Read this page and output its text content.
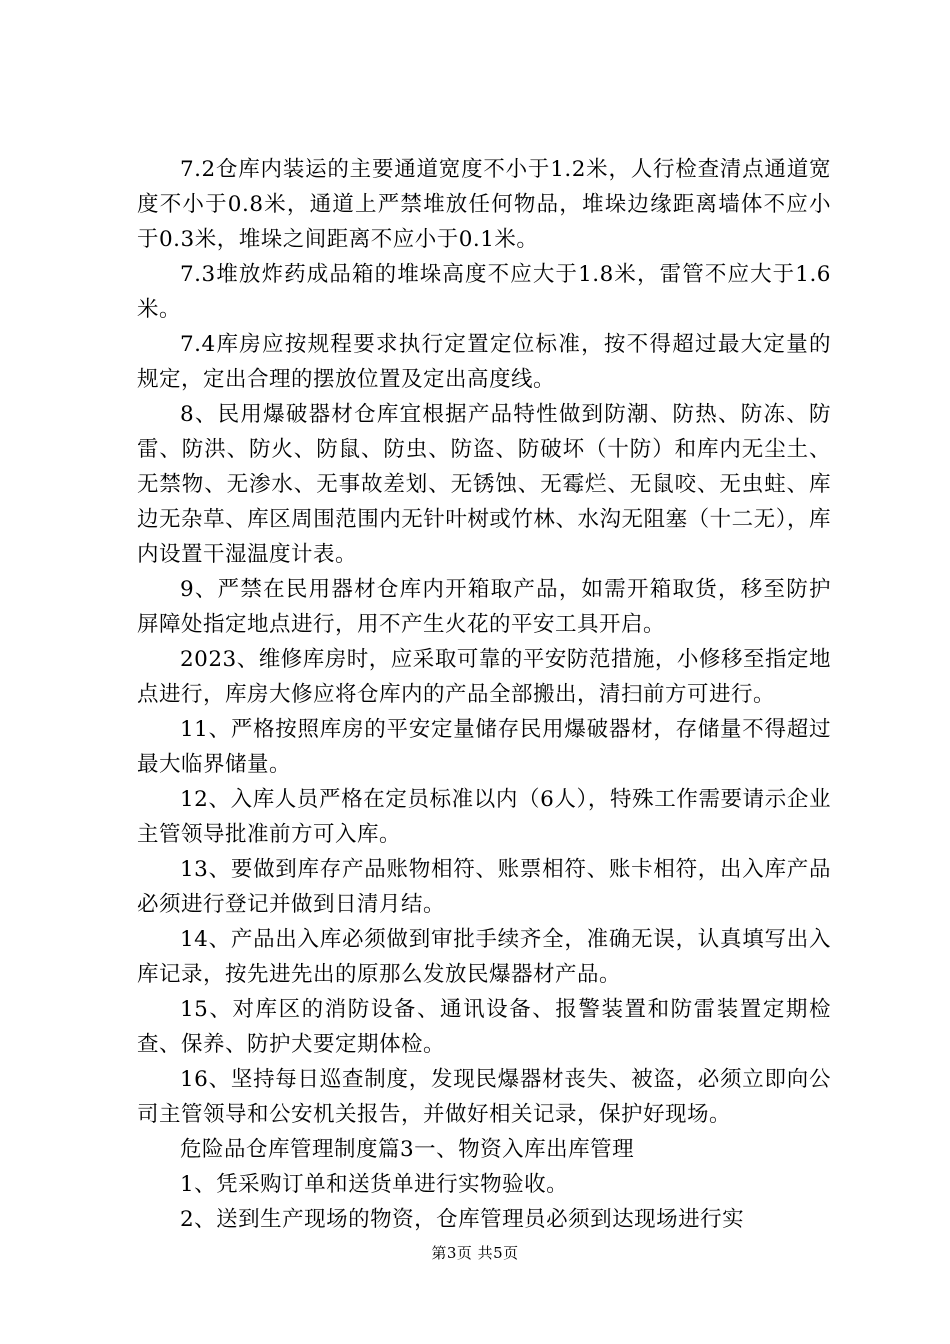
7.2仓库内装运的主要通道宽度不小于1.2米，人行检查清点通道宽度不小于0.8米，通道上严禁堆放任何物品，堆垛边缘距离墙体不应小于0.3米，堆垛之间距离不应小于0.1米。

7.3堆放炸药成品箱的堆垛高度不应大于1.8米，雷管不应大于1.6米。

7.4库房应按规程要求执行定置定位标准，按不得超过最大定量的规定，定出合理的摆放位置及定出高度线。

8、民用爆破器材仓库宜根据产品特性做到防潮、防热、防冻、防雷、防洪、防火、防鼠、防虫、防盗、防破坏（十防）和库内无尘土、无禁物、无渗水、无事故差划、无锈蚀、无霉烂、无鼠咬、无虫蛀、库边无杂草、库区周围范围内无针叶树或竹林、水沟无阻塞（十二无），库内设置干湿温度计表。

9、严禁在民用器材仓库内开箱取产品，如需开箱取货，移至防护屏障处指定地点进行，用不产生火花的平安工具开启。

2023、维修库房时，应采取可靠的平安防范措施，小修移至指定地点进行，库房大修应将仓库内的产品全部搬出，清扫前方可进行。

11、严格按照库房的平安定量储存民用爆破器材，存储量不得超过最大临界储量。

12、入库人员严格在定员标准以内（6人），特殊工作需要请示企业主管领导批准前方可入库。

13、要做到库存产品账物相符、账票相符、账卡相符，出入库产品必须进行登记并做到日清月结。

14、产品出入库必须做到审批手续齐全，准确无误，认真填写出入库记录，按先进先出的原那么发放民爆器材产品。

15、对库区的消防设备、通讯设备、报警装置和防雷装置定期检查、保养、防护犬要定期体检。

16、坚持每日巡查制度，发现民爆器材丧失、被盗，必须立即向公司主管领导和公安机关报告，并做好相关记录，保护好现场。

危险品仓库管理制度篇3一、物资入库出库管理

1、凭采购订单和送货单进行实物验收。

2、送到生产现场的物资，仓库管理员必须到达现场进行实

第3页 共5页
